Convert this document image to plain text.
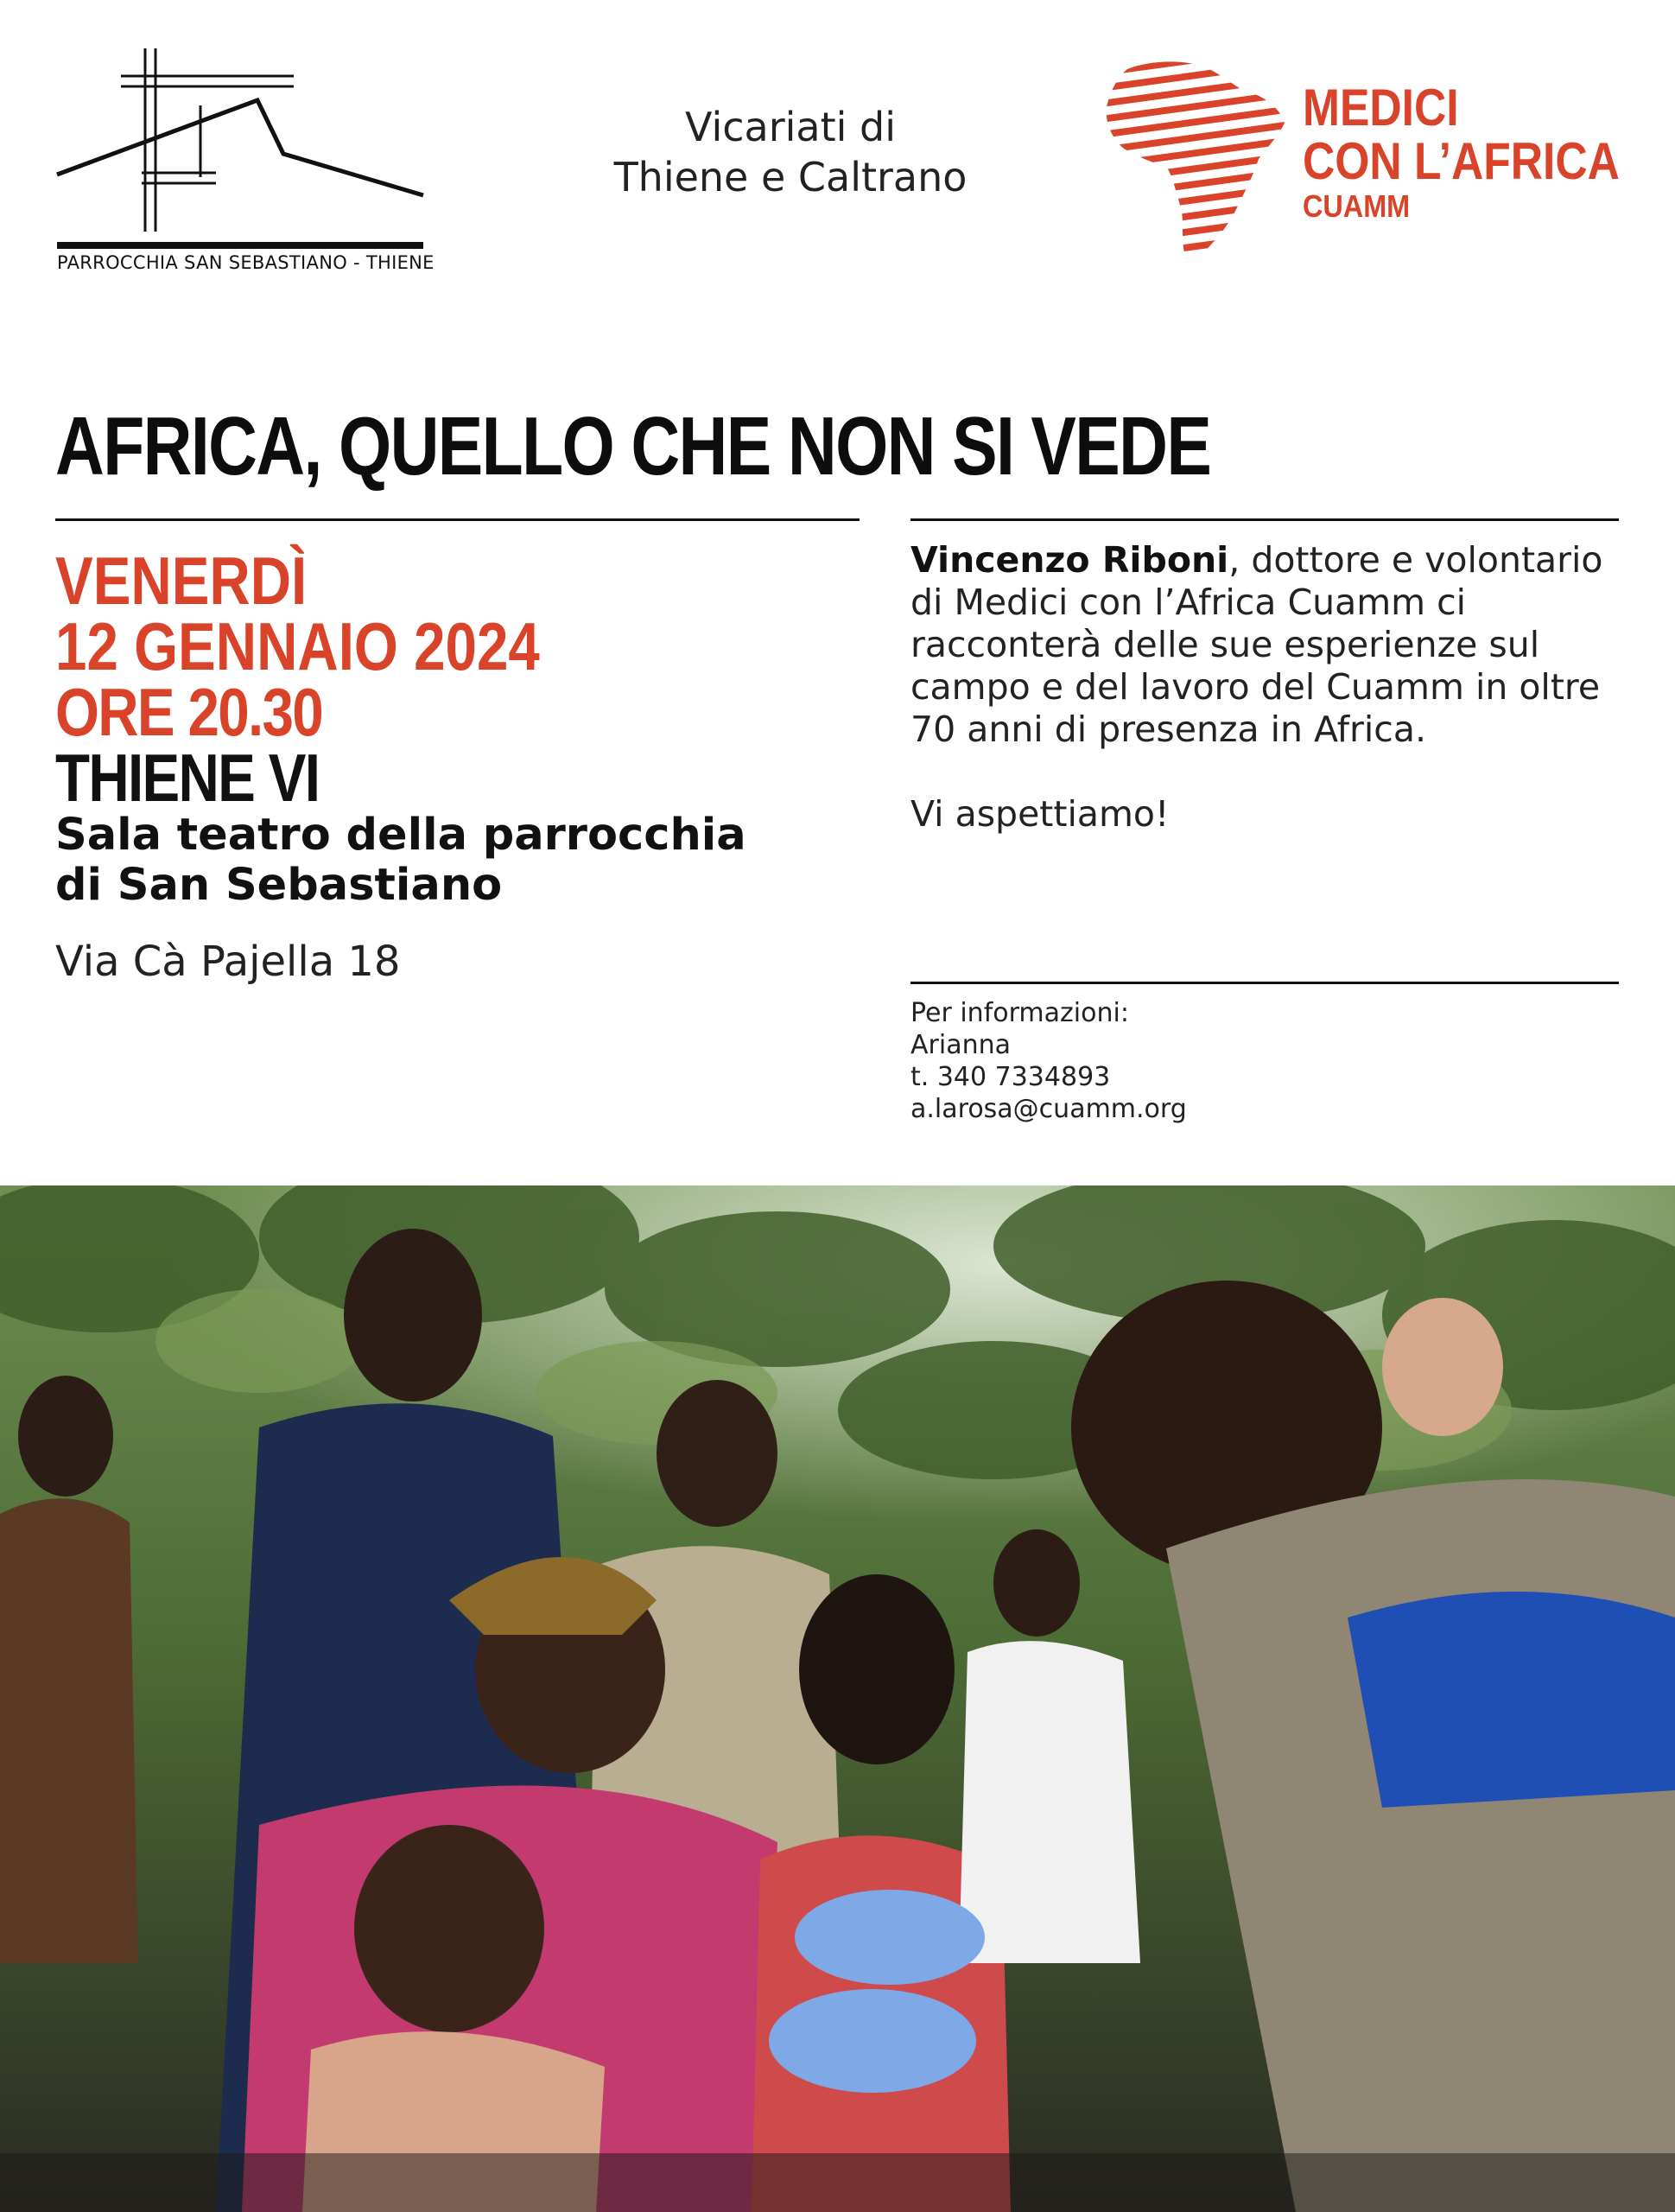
PARROCCHIA SAN SEBASTIANO - THIENE
Vicariati di
Thiene e Caltrano
MEDICI
CON L’AFRICA
CUAMM
AFRICA, QUELLO CHE NON SI VEDE
VENERDÌ
12 GENNAIO 2024
ORE 20.30
THIENE VI
Sala teatro della parrocchia
di San Sebastiano
Via Cà Pajella 18
Vincenzo Riboni, dottore e volontario di Medici con l’Africa Cuamm ci racconterà delle sue esperienze sul campo e del lavoro del Cuamm in oltre 70 anni di presenza in Africa.
Vi aspettiamo!
Per informazioni:
Arianna
t. 340 7334893
a.larosa@cuamm.org
